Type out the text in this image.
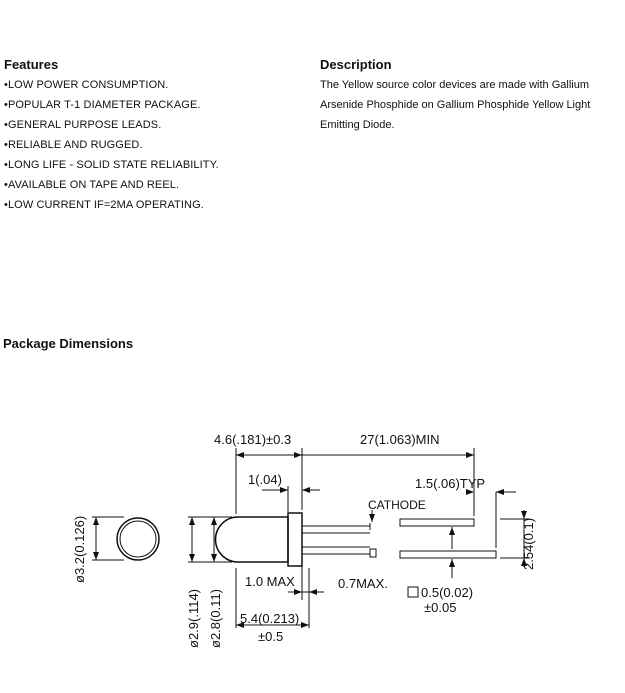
Features
•LOW POWER CONSUMPTION.
•POPULAR T-1 DIAMETER PACKAGE.
•GENERAL PURPOSE LEADS.
•RELIABLE AND RUGGED.
•LONG LIFE - SOLID STATE RELIABILITY.
•AVAILABLE ON TAPE AND REEL.
•LOW CURRENT IF=2MA OPERATING.
Description
The Yellow source color devices are made with Gallium
Arsenide Phosphide on Gallium Phosphide Yellow Light
Emitting Diode.
Package Dimensions
4.6(.181)±0.3	27(1.063)MIN
1(.04)	1.5(.06)TYP
CATHODE
1.0 MAX	0.7MAX.
0.5(0.02)
±0.05
5.4(0.213)
±0.5
ø3.2(0.126)	2.54(0.1)
ø2.9(.114) ø2.8(0.11)
